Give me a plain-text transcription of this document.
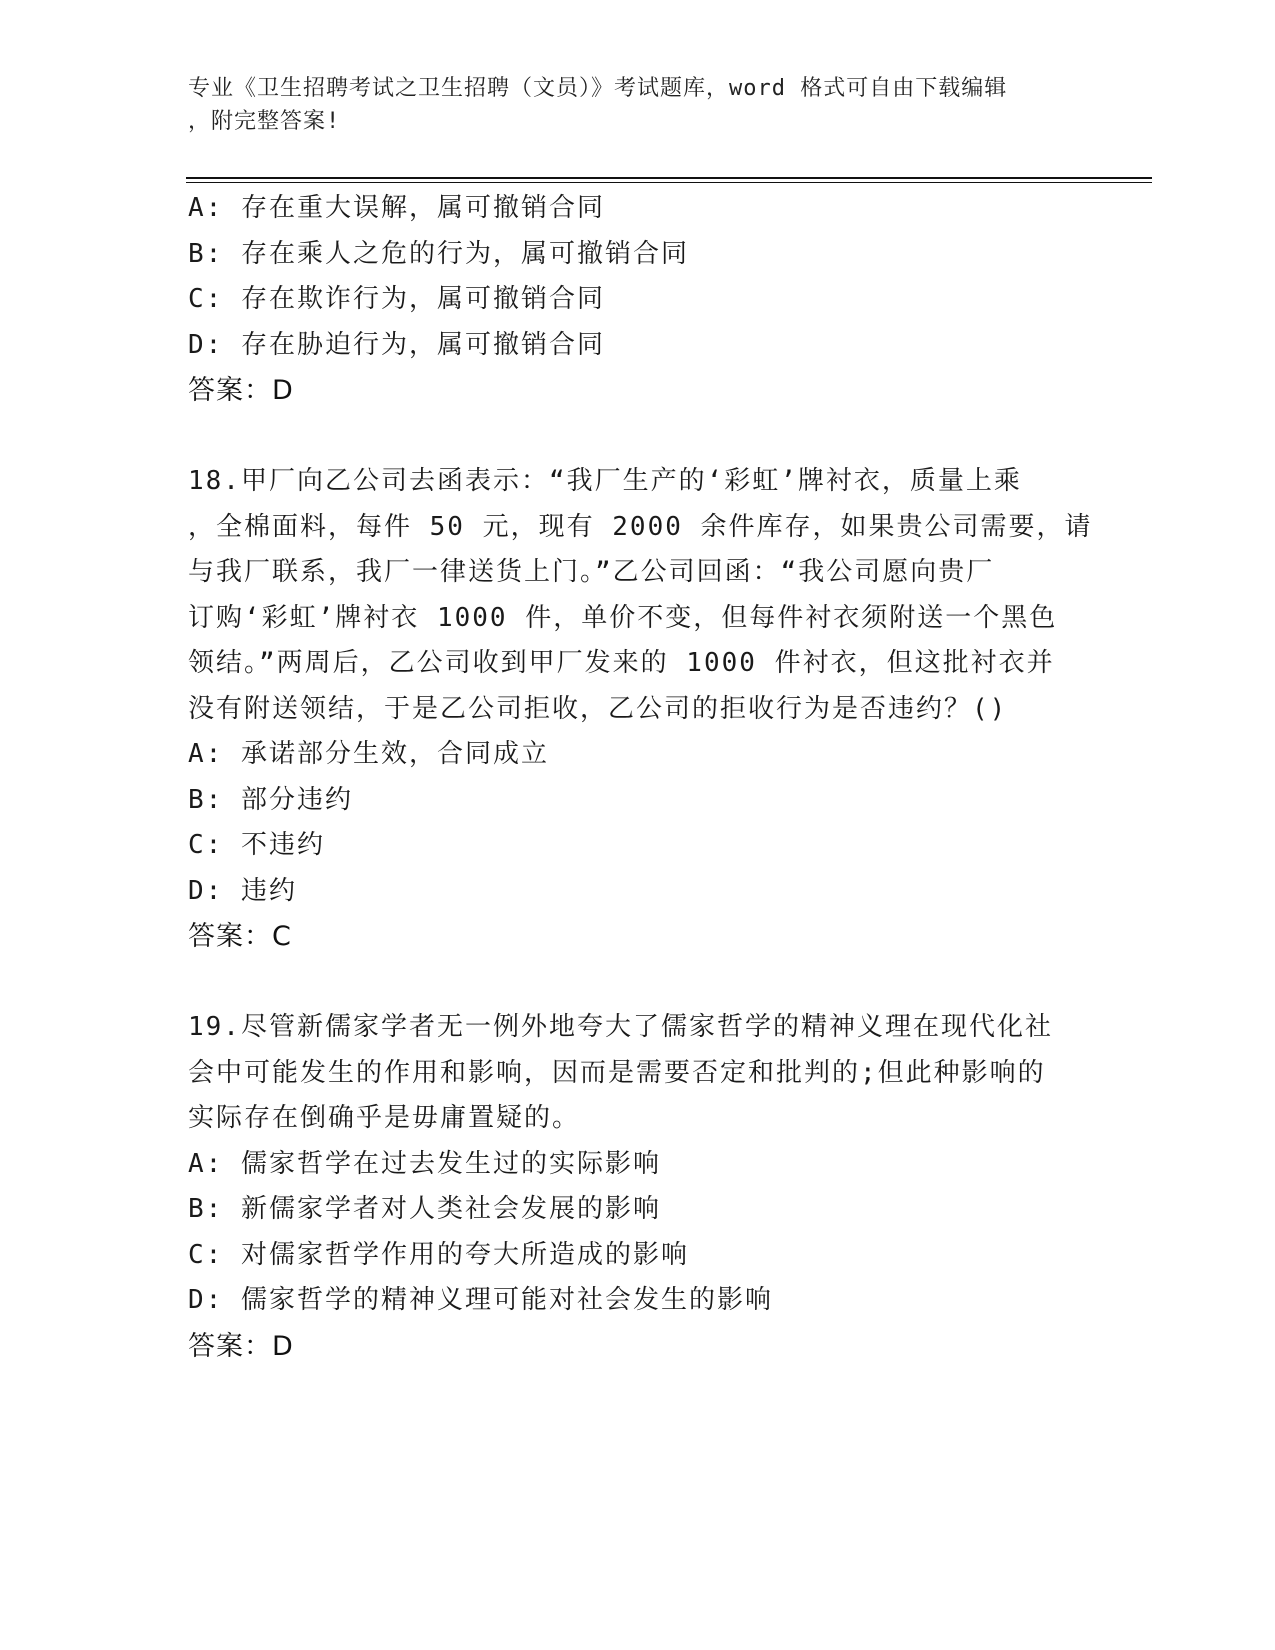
专业《卫生招聘考试之卫生招聘（文员）》考试题库，word 格式可自由下载编辑
，附完整答案!
A: 存在重大误解，属可撤销合同
B: 存在乘人之危的行为，属可撤销合同
C: 存在欺诈行为，属可撤销合同
D: 存在胁迫行为，属可撤销合同
答案：D
18.甲厂向乙公司去函表示：“我厂生产的‘彩虹’牌衬衣，质量上乘
，全棉面料，每件 50 元，现有 2000 余件库存，如果贵公司需要，请
与我厂联系，我厂一律送货上门。”乙公司回函：“我公司愿向贵厂
订购‘彩虹’牌衬衣 1000 件，单价不变，但每件衬衣须附送一个黑色
领结。”两周后，乙公司收到甲厂发来的 1000 件衬衣，但这批衬衣并
没有附送领结，于是乙公司拒收，乙公司的拒收行为是否违约？()
A: 承诺部分生效，合同成立
B: 部分违约
C: 不违约
D: 违约
答案：C
19.尽管新儒家学者无一例外地夸大了儒家哲学的精神义理在现代化社
会中可能发生的作用和影响，因而是需要否定和批判的;但此种影响的
实际存在倒确乎是毋庸置疑的。
A: 儒家哲学在过去发生过的实际影响
B: 新儒家学者对人类社会发展的影响
C: 对儒家哲学作用的夸大所造成的影响
D: 儒家哲学的精神义理可能对社会发生的影响
答案：D
